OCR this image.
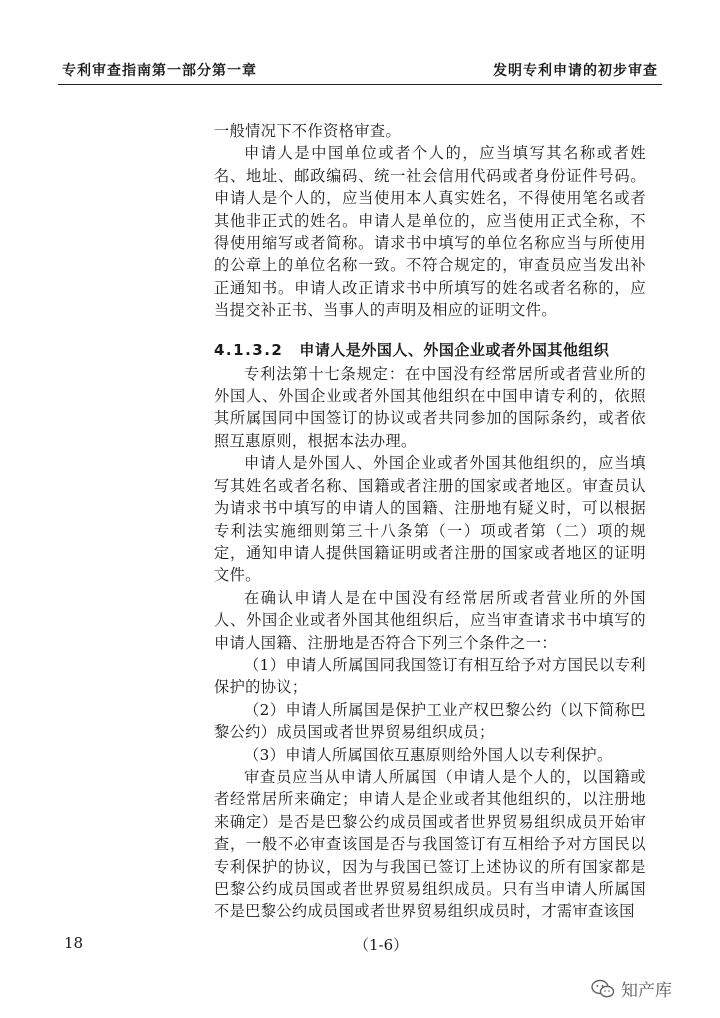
专利审查指南第一部分第一章	发明专利申请的初步审查

一般情况下不作资格审查。

申请人是中国单位或者个人的，应当填写其名称或者姓名、地址、邮政编码、统一社会信用代码或者身份证件号码。申请人是个人的，应当使用本人真实姓名，不得使用笔名或者其他非正式的姓名。申请人是单位的，应当使用正式全称，不得使用缩写或者简称。请求书中填写的单位名称应当与所使用的公章上的单位名称一致。不符合规定的，审查员应当发出补正通知书。申请人改正请求书中所填写的姓名或者名称的，应当提交补正书、当事人的声明及相应的证明文件。

4.1.3.2 申请人是外国人、外国企业或者外国其他组织

专利法第十七条规定：在中国没有经常居所或者营业所的外国人、外国企业或者外国其他组织在中国申请专利的，依照其所属国同中国签订的协议或者共同参加的国际条约，或者依照互惠原则，根据本法办理。

申请人是外国人、外国企业或者外国其他组织的，应当填写其姓名或者名称、国籍或者注册的国家或者地区。审查员认为请求书中填写的申请人的国籍、注册地有疑义时，可以根据专利法实施细则第三十八条第（一）项或者第（二）项的规定，通知申请人提供国籍证明或者注册的国家或者地区的证明文件。

在确认申请人是在中国没有经常居所或者营业所的外国人、外国企业或者外国其他组织后，应当审查请求书中填写的申请人国籍、注册地是否符合下列三个条件之一：

（1）申请人所属国同我国签订有相互给予对方国民以专利保护的协议；

（2）申请人所属国是保护工业产权巴黎公约（以下简称巴黎公约）成员国或者世界贸易组织成员；

（3）申请人所属国依互惠原则给外国人以专利保护。

审查员应当从申请人所属国（申请人是个人的，以国籍或者经常居所来确定；申请人是企业或者其他组织的，以注册地来确定）是否是巴黎公约成员国或者世界贸易组织成员开始审查，一般不必审查该国是否与我国签订有互相给予对方国民以专利保护的协议，因为与我国已签订上述协议的所有国家都是巴黎公约成员国或者世界贸易组织成员。只有当申请人所属国不是巴黎公约成员国或者世界贸易组织成员时，才需审查该国

18	（1-6）
知产库
